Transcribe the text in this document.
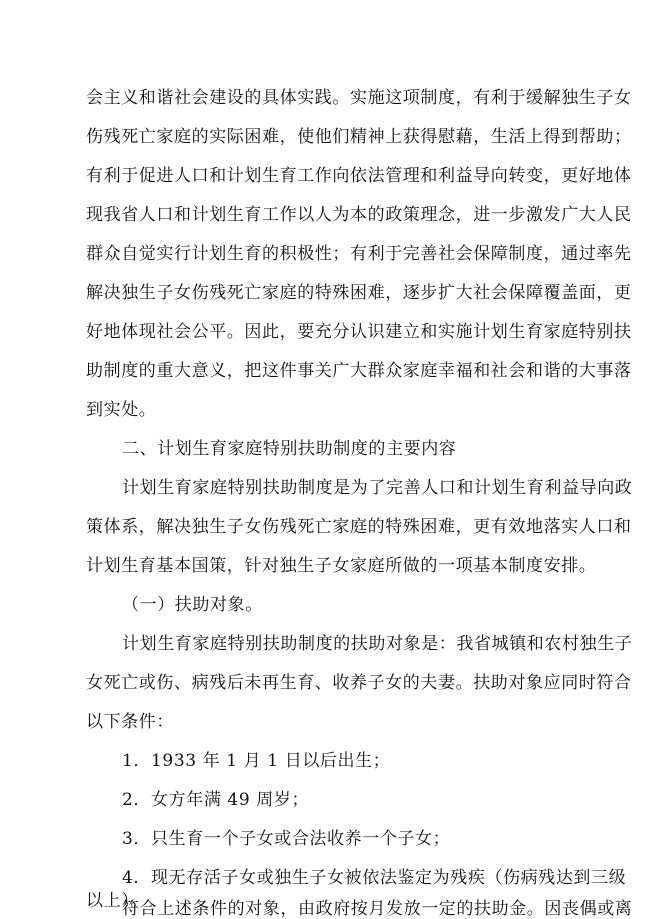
会主义和谐社会建设的具体实践。实施这项制度，有利于缓解独生子女
伤残死亡家庭的实际困难，使他们精神上获得慰藉，生活上得到帮助；
有利于促进人口和计划生育工作向依法管理和利益导向转变，更好地体
现我省人口和计划生育工作以人为本的政策理念，进一步激发广大人民
群众自觉实行计划生育的积极性；有利于完善社会保障制度，通过率先
解决独生子女伤残死亡家庭的特殊困难，逐步扩大社会保障覆盖面，更
好地体现社会公平。因此，要充分认识建立和实施计划生育家庭特别扶
助制度的重大意义，把这件事关广大群众家庭幸福和社会和谐的大事落
到实处。
二、计划生育家庭特别扶助制度的主要内容
计划生育家庭特别扶助制度是为了完善人口和计划生育利益导向政
策体系，解决独生子女伤残死亡家庭的特殊困难，更有效地落实人口和
计划生育基本国策，针对独生子女家庭所做的一项基本制度安排。
（一）扶助对象。
计划生育家庭特别扶助制度的扶助对象是：我省城镇和农村独生子
女死亡或伤、病残后未再生育、收养子女的夫妻。扶助对象应同时符合
以下条件：
1．1933 年 1 月 1 日以后出生；
2．女方年满 49 周岁；
3．只生育一个子女或合法收养一个子女；
4．现无存活子女或独生子女被依法鉴定为残疾（伤病残达到三级
以上）。
符合上述条件的对象，由政府按月发放一定的扶助金。因丧偶或离
